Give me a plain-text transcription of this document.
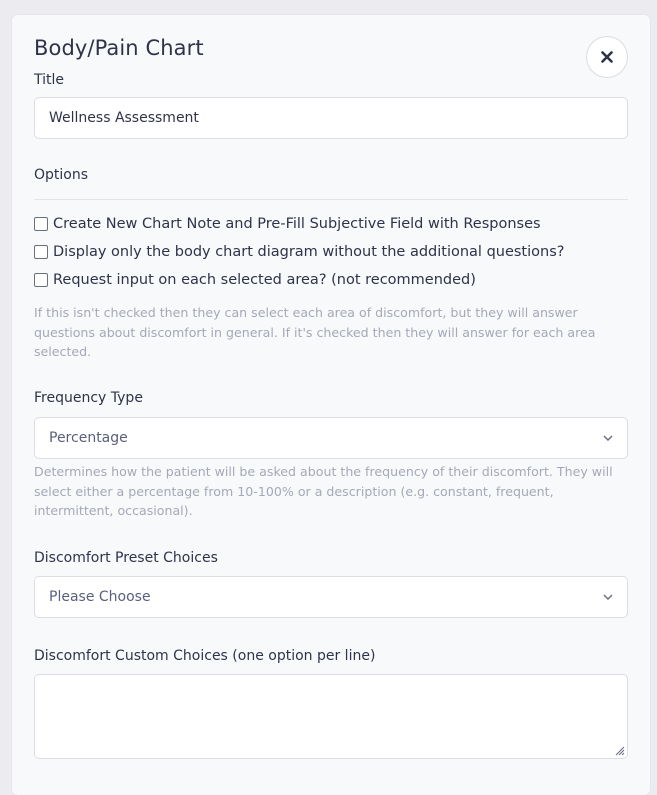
Body/Pain Chart
Title
Wellness Assessment
Options
Create New Chart Note and Pre-Fill Subjective Field with Responses
Display only the body chart diagram without the additional questions?
Request input on each selected area? (not recommended)
If this isn't checked then they can select each area of discomfort, but they will answer questions about discomfort in general. If it's checked then they will answer for each area selected.
Frequency Type
Percentage
Determines how the patient will be asked about the frequency of their discomfort. They will select either a percentage from 10-100% or a description (e.g. constant, frequent, intermittent, occasional).
Discomfort Preset Choices
Please Choose
Discomfort Custom Choices (one option per line)
